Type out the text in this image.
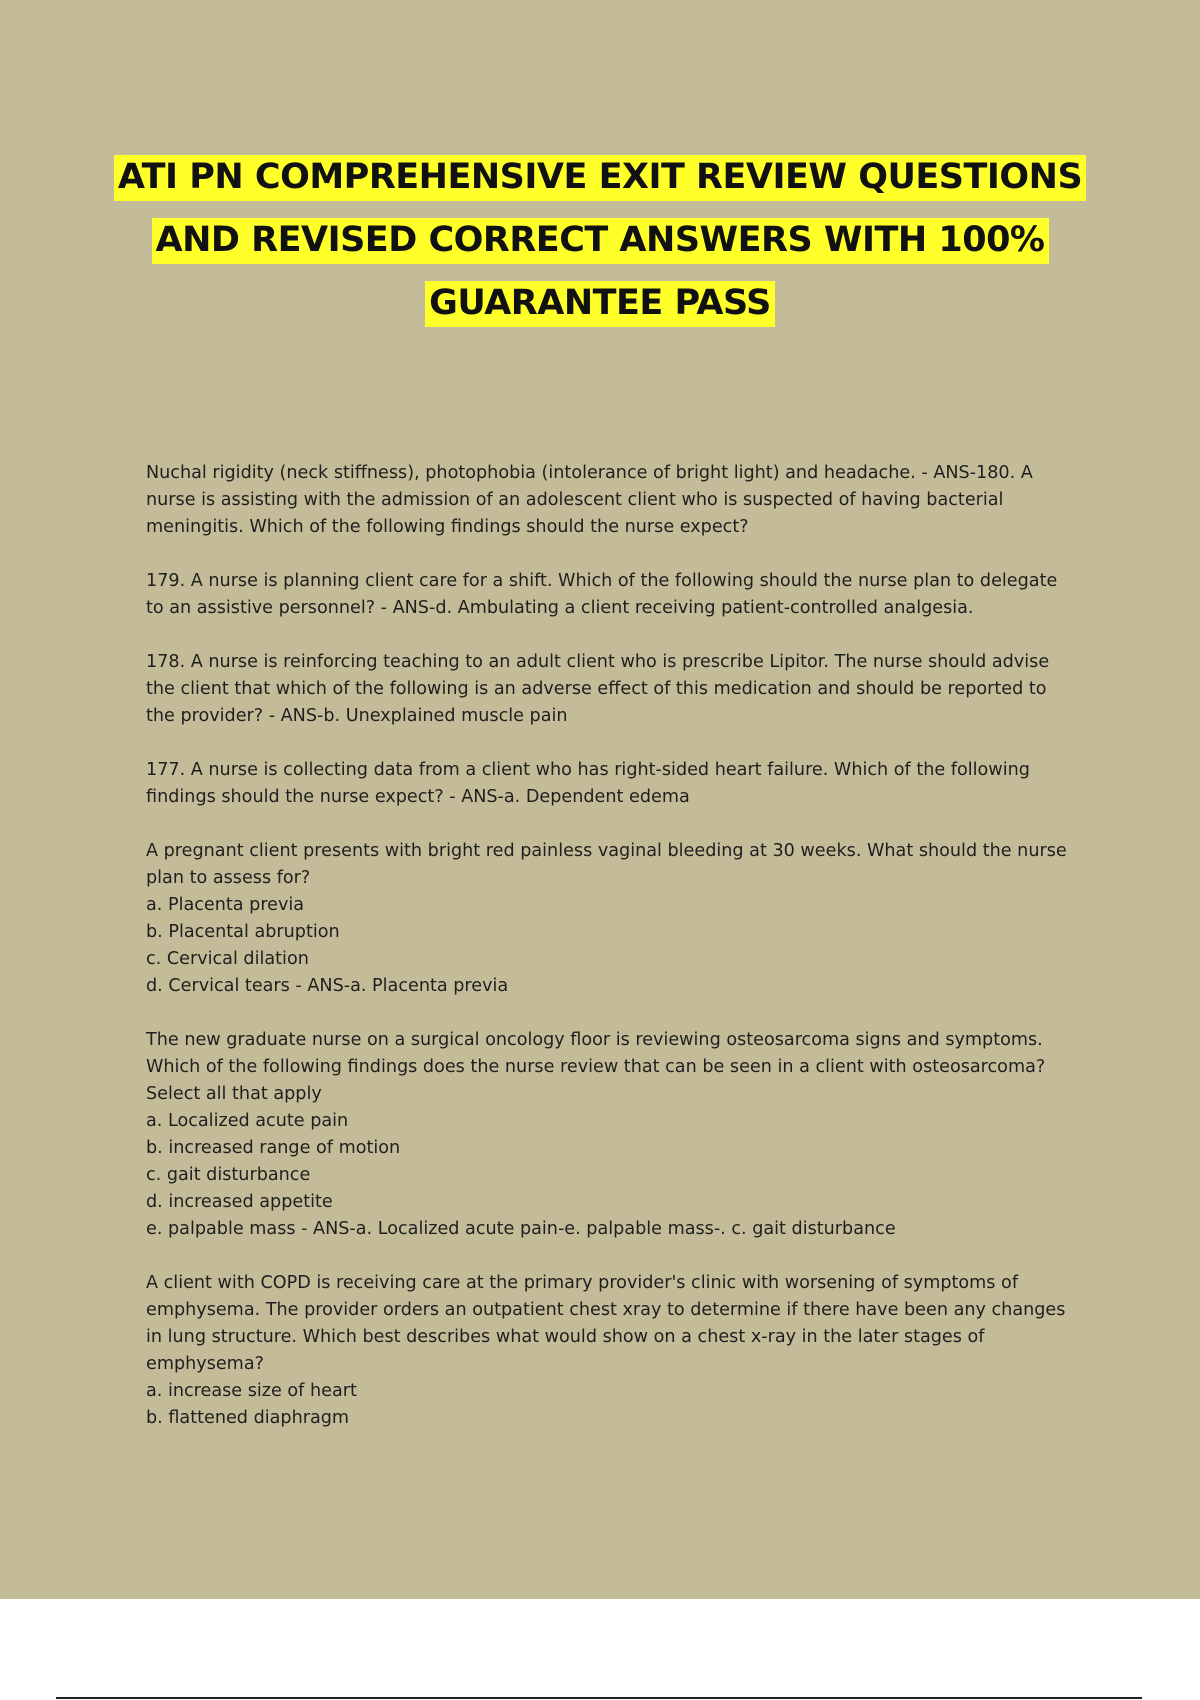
ATI PN COMPREHENSIVE EXIT REVIEW QUESTIONS
AND REVISED CORRECT ANSWERS WITH 100%
GUARANTEE PASS

Nuchal rigidity (neck stiffness), photophobia (intolerance of bright light) and headache. - ANS-180. A
nurse is assisting with the admission of an adolescent client who is suspected of having bacterial
meningitis. Which of the following findings should the nurse expect?

179. A nurse is planning client care for a shift. Which of the following should the nurse plan to delegate
to an assistive personnel? - ANS-d. Ambulating a client receiving patient-controlled analgesia.

178. A nurse is reinforcing teaching to an adult client who is prescribe Lipitor. The nurse should advise
the client that which of the following is an adverse effect of this medication and should be reported to
the provider? - ANS-b. Unexplained muscle pain

177. A nurse is collecting data from a client who has right-sided heart failure. Which of the following
findings should the nurse expect? - ANS-a. Dependent edema

A pregnant client presents with bright red painless vaginal bleeding at 30 weeks. What should the nurse
plan to assess for?
a. Placenta previa
b. Placental abruption
c. Cervical dilation
d. Cervical tears - ANS-a. Placenta previa

The new graduate nurse on a surgical oncology floor is reviewing osteosarcoma signs and symptoms.
Which of the following findings does the nurse review that can be seen in a client with osteosarcoma?
Select all that apply
a. Localized acute pain
b. increased range of motion
c. gait disturbance
d. increased appetite
e. palpable mass - ANS-a. Localized acute pain-e. palpable mass-. c. gait disturbance

A client with COPD is receiving care at the primary provider's clinic with worsening of symptoms of
emphysema. The provider orders an outpatient chest xray to determine if there have been any changes
in lung structure. Which best describes what would show on a chest x-ray in the later stages of
emphysema?
a. increase size of heart
b. flattened diaphragm
